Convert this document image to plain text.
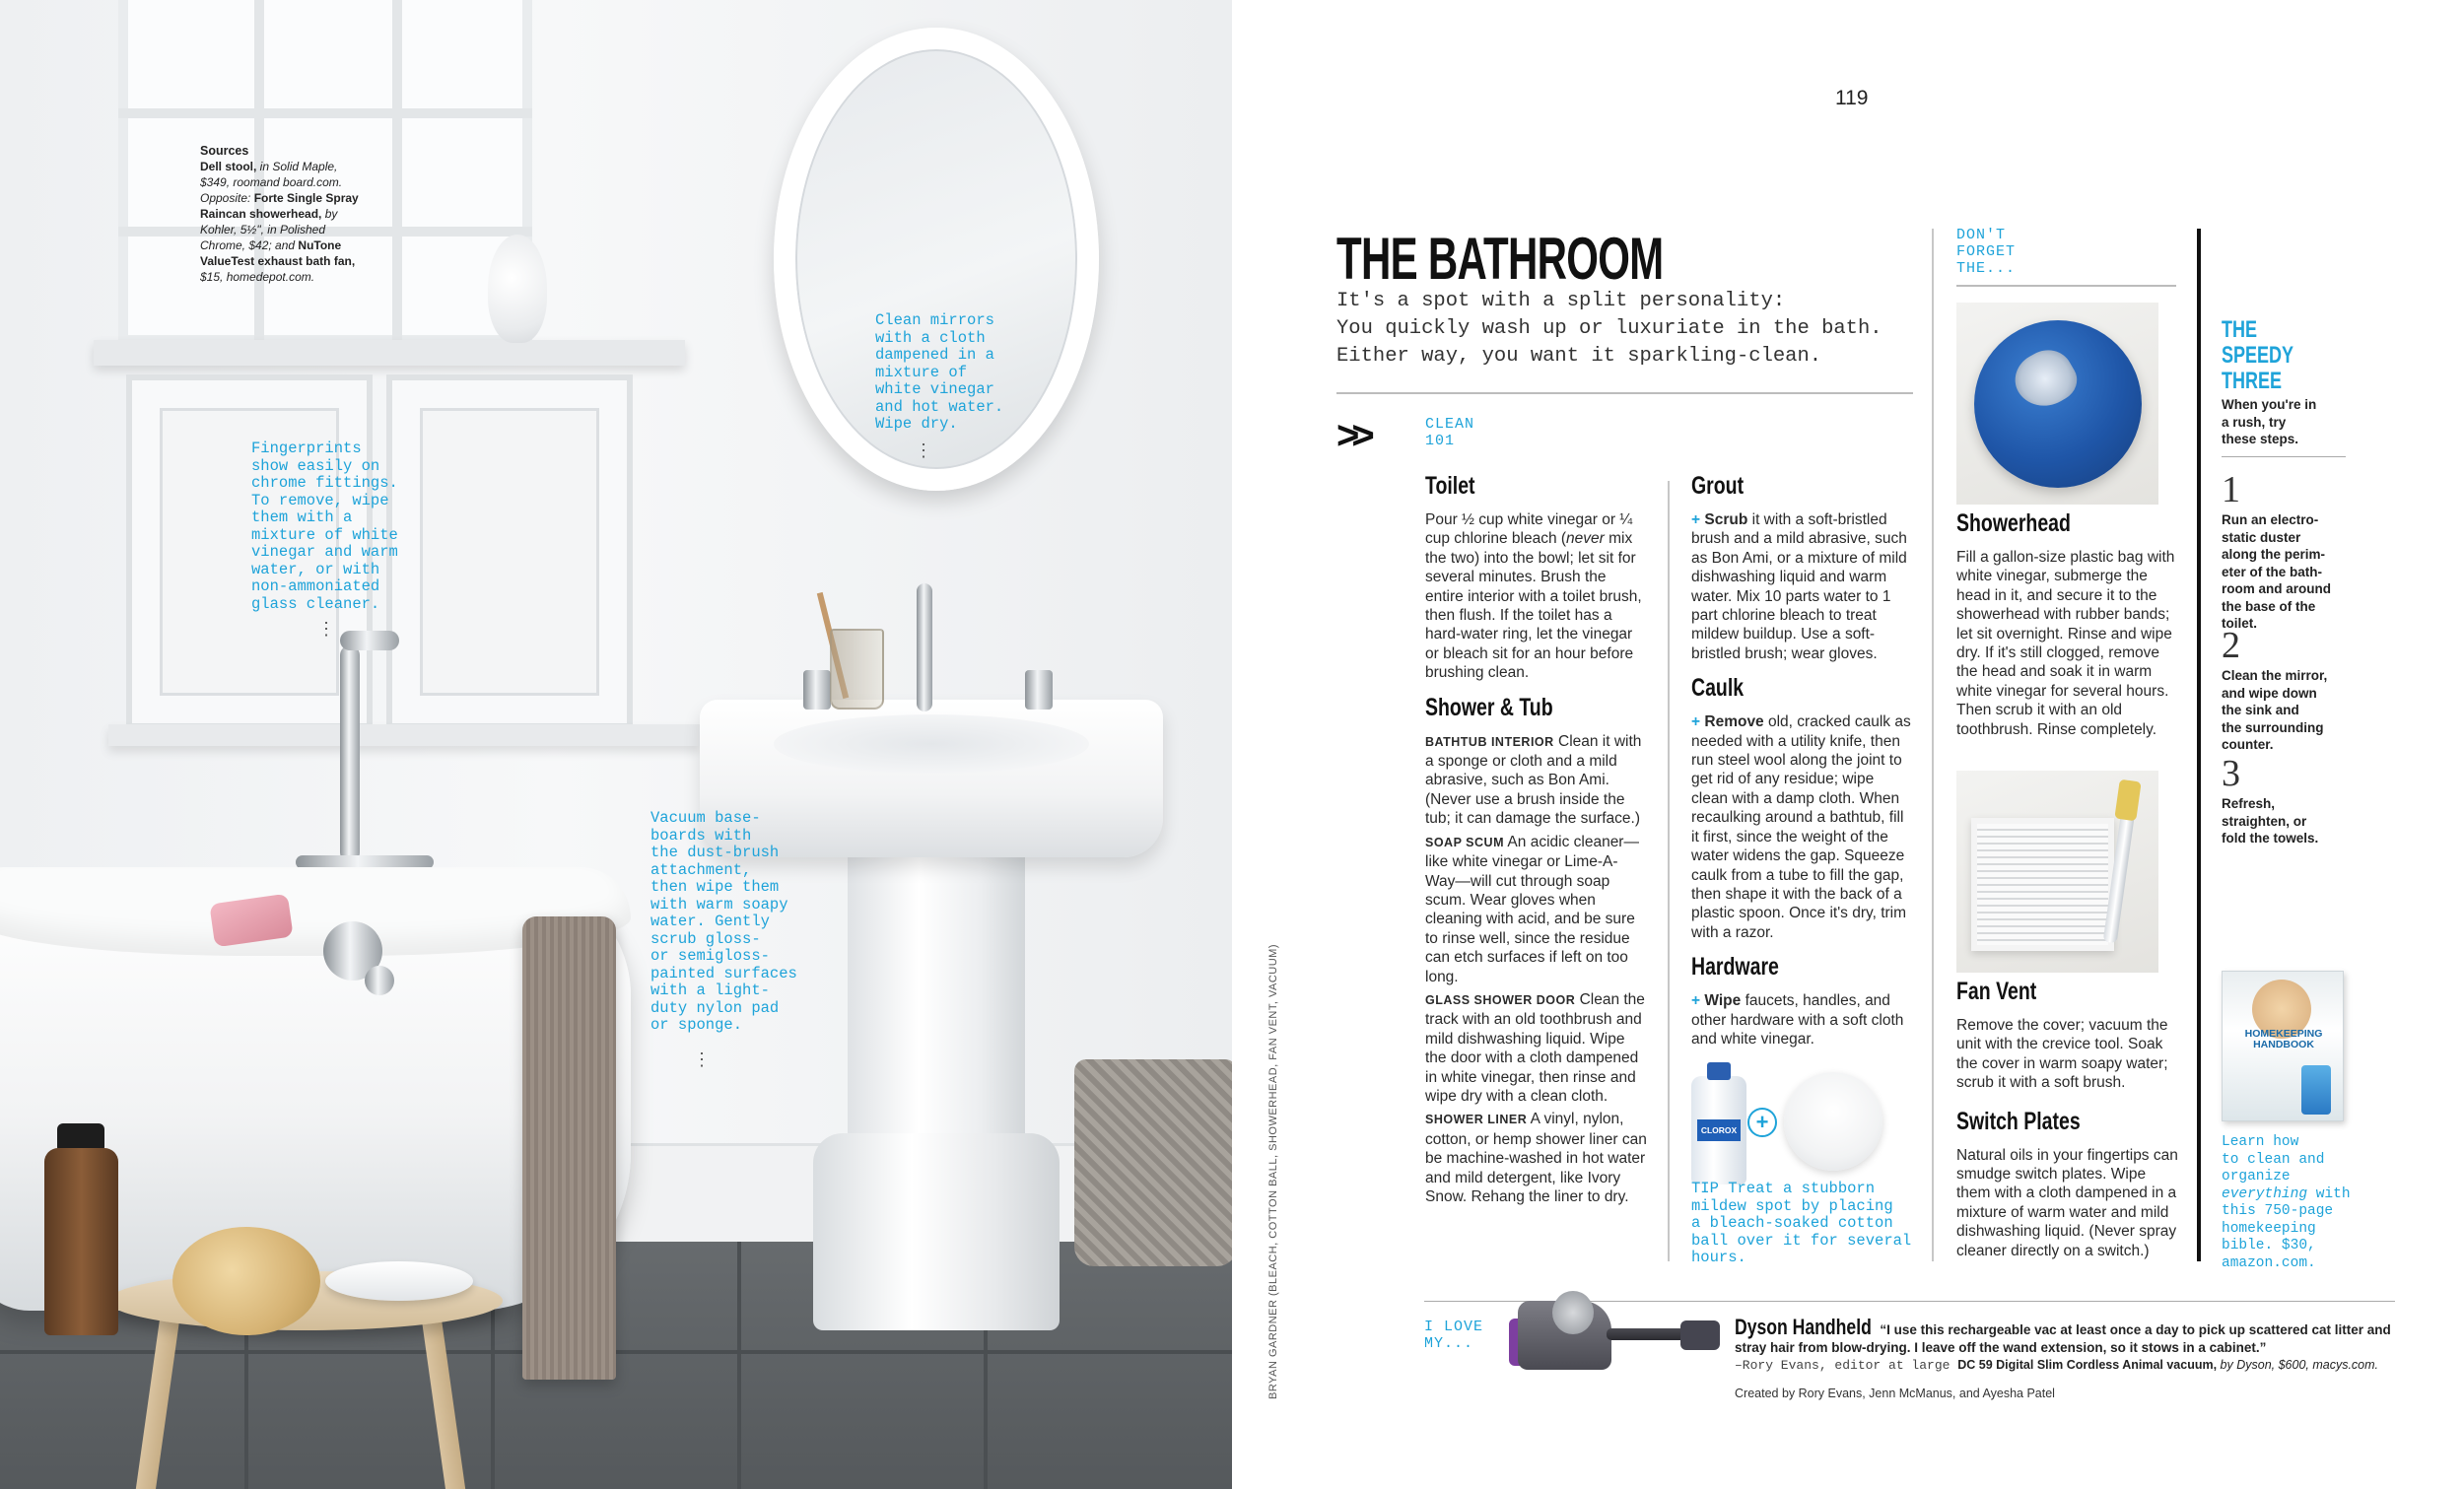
Sources
Dell stool, in Solid Maple, $349, roomand board.com. Opposite: Forte Single Spray Raincan showerhead, by Kohler, 5½", in Polished Chrome, $42; and NuTone ValueTest exhaust bath fan, $15, homedepot.com.
Clean mirrors
with a cloth
dampened in a
mixture of
white vinegar
and hot water.
Wipe dry.
Fingerprints
show easily on
chrome fittings.
To remove, wipe
them with a
mixture of white
vinegar and warm
water, or with
non-ammoniated
glass cleaner.
Vacuum base-
boards with
the dust-brush
attachment,
then wipe them
with warm soapy
water. Gently
scrub gloss-
or semigloss-
painted surfaces
with a light-
duty nylon pad
or sponge.
⋮
⋮
⋮	BRYAN GARDNER (BLEACH, COTTON BALL, SHOWERHEAD, FAN VENT, VACUUM)
119
THE BATHROOM
It's a spot with a split personality:
You quickly wash up or luxuriate in the bath.
Either way, you want it sparkling-clean.
>>	CLEAN
101
Toilet

Pour ½ cup white vinegar or ¼ cup chlorine bleach (never mix the two) into the bowl; let sit for several minutes. Brush the entire interior with a toilet brush, then flush. If the toilet has a hard-water ring, let the vinegar or bleach sit for an hour before brushing clean.

Shower & Tub

BATHTUB INTERIOR Clean it with a sponge or cloth and a mild abrasive, such as Bon Ami. (Never use a brush inside the tub; it can damage the surface.)

SOAP SCUM An acidic cleaner—like white vinegar or Lime-A-Way—will cut through soap scum. Wear gloves when cleaning with acid, and be sure to rinse well, since the residue can etch surfaces if left on too long.

GLASS SHOWER DOOR Clean the track with an old toothbrush and mild dishwashing liquid. Wipe the door with a cloth dampened in white vinegar, then rinse and wipe dry with a clean cloth.

SHOWER LINER A vinyl, nylon, cotton, or hemp shower liner can be machine-washed in hot water and mild detergent, like Ivory Snow. Rehang the liner to dry.

Grout

+ Scrub it with a soft-bristled brush and a mild abrasive, such as Bon Ami, or a mixture of mild dishwashing liquid and warm water. Mix 10 parts water to 1 part chlorine bleach to treat mildew buildup. Use a soft-bristled brush; wear gloves.

Caulk

+ Remove old, cracked caulk as needed with a utility knife, then run steel wool along the joint to get rid of any residue; wipe clean with a damp cloth. When recaulking around a bathtub, fill it first, since the weight of the water widens the gap. Squeeze caulk from a tube to fill the gap, then shape it with the back of a plastic spoon. Once it's dry, trim with a razor.

Hardware

+ Wipe faucets, handles, and other hardware with a soft cloth and white vinegar.

CLOROX +
TIP Treat a stubborn
mildew spot by placing
a bleach-soaked cotton
ball over it for several
hours.
DON'T
FORGET
THE...
Showerhead

Fill a gallon-size plastic bag with white vinegar, submerge the head in it, and secure it to the showerhead with rubber bands; let sit overnight. Rinse and wipe dry. If it's still clogged, remove the head and soak it in warm white vinegar for several hours. Then scrub it with an old toothbrush. Rinse completely.

Fan Vent

Remove the cover; vacuum the unit with the crevice tool. Soak the cover in warm soapy water; scrub it with a soft brush.

Switch Plates

Natural oils in your fingertips can smudge switch plates. Wipe them with a cloth dampened in a mixture of warm water and mild dishwashing liquid. (Never spray cleaner directly on a switch.)

THE
SPEEDY
THREE
When you're in
a rush, try
these steps.
1
Run an electro-
static duster
along the perim-
eter of the bath-
room and around
the base of the
toilet.
2
Clean the mirror,
and wipe down
the sink and
the surrounding
counter.
3
Refresh,
straighten, or
fold the towels.
HOMEKEEPING HANDBOOK
Learn how
to clean and
organize
everything with
this 750-page
homekeeping
bible. $30,
amazon.com.
I LOVE
MY...
Dyson Handheld “I use this rechargeable vac at least once a day to pick up scattered cat litter and stray hair from blow-drying. I leave off the wand extension, so it stows in a cabinet.”
–Rory Evans, editor at large DC 59 Digital Slim Cordless Animal vacuum, by Dyson, $600, macys.com.
Created by Rory Evans, Jenn McManus, and Ayesha Patel
